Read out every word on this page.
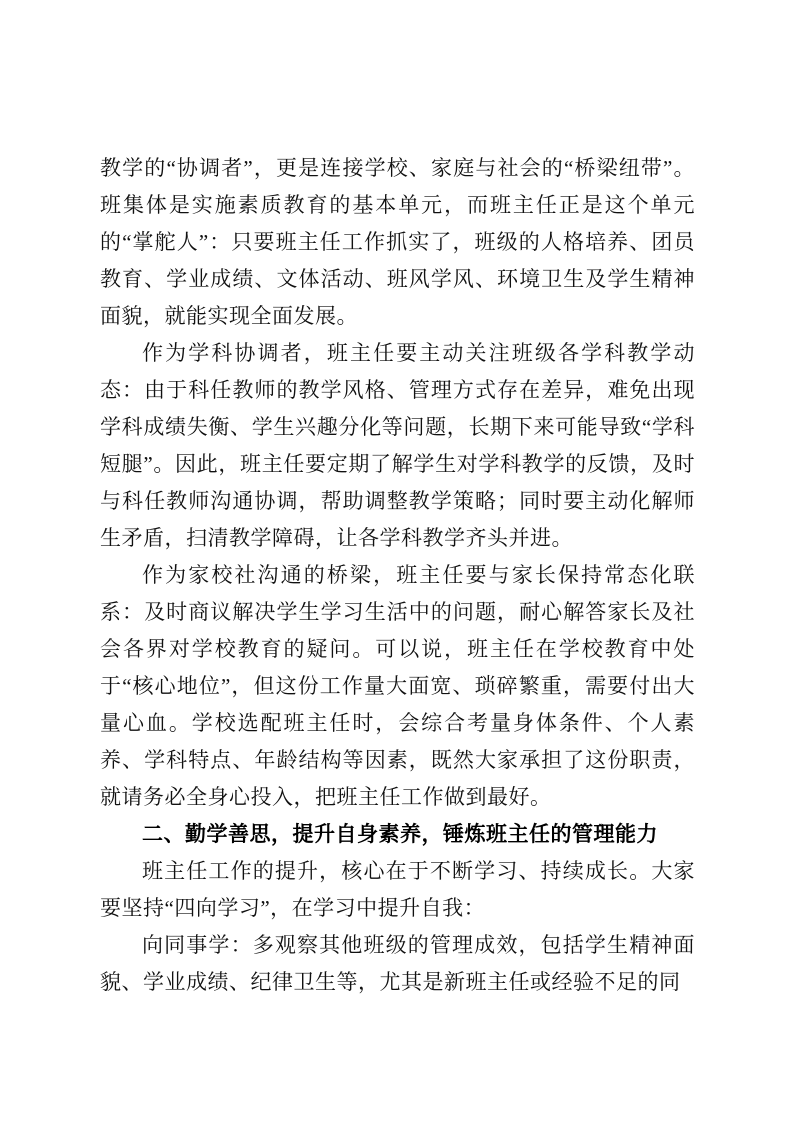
教学的“协调者”，更是连接学校、家庭与社会的“桥梁纽带”。班集体是实施素质教育的基本单元，而班主任正是这个单元的“掌舵人”：只要班主任工作抓实了，班级的人格培养、团员教育、学业成绩、文体活动、班风学风、环境卫生及学生精神面貌，就能实现全面发展。

作为学科协调者，班主任要主动关注班级各学科教学动态：由于科任教师的教学风格、管理方式存在差异，难免出现学科成绩失衡、学生兴趣分化等问题，长期下来可能导致“学科短腿”。因此，班主任要定期了解学生对学科教学的反馈，及时与科任教师沟通协调，帮助调整教学策略；同时要主动化解师生矛盾，扫清教学障碍，让各学科教学齐头并进。

作为家校社沟通的桥梁，班主任要与家长保持常态化联系：及时商议解决学生学习生活中的问题，耐心解答家长及社会各界对学校教育的疑问。可以说，班主任在学校教育中处于“核心地位”，但这份工作量大面宽、琐碎繁重，需要付出大量心血。学校选配班主任时，会综合考量身体条件、个人素养、学科特点、年龄结构等因素，既然大家承担了这份职责，就请务必全身心投入，把班主任工作做到最好。

二、勤学善思，提升自身素养，锤炼班主任的管理能力

班主任工作的提升，核心在于不断学习、持续成长。大家要坚持“四向学习”，在学习中提升自我：

向同事学：多观察其他班级的管理成效，包括学生精神面貌、学业成绩、纪律卫生等，尤其是新班主任或经验不足的同
